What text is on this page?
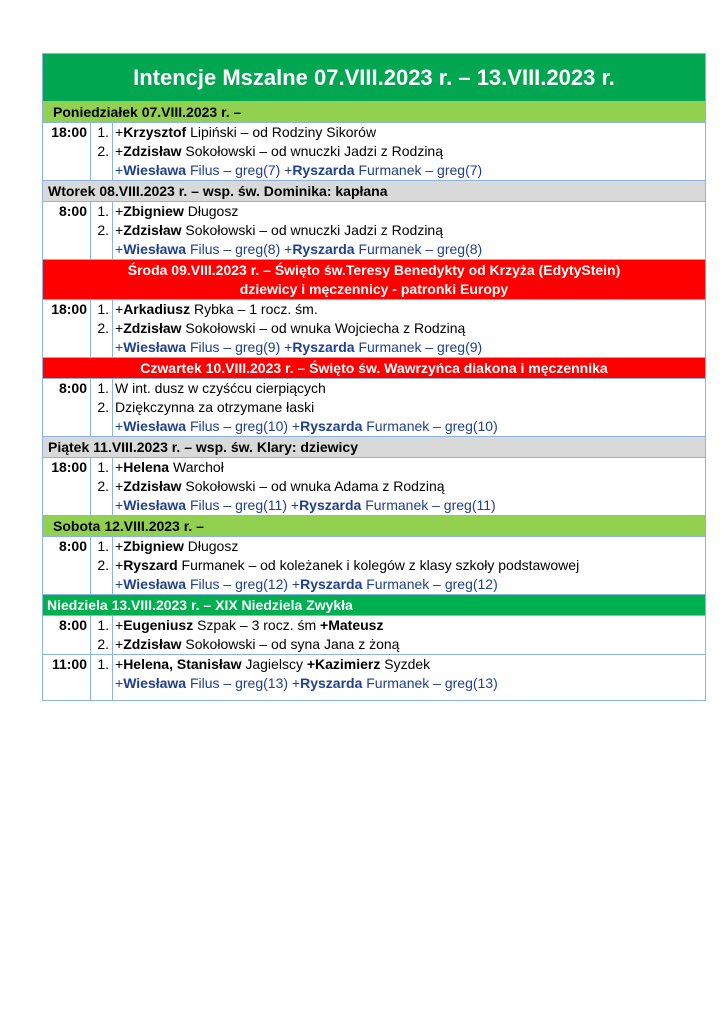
Intencje Mszalne 07.VIII.2023 r. – 13.VIII.2023 r.
Poniedziałek 07.VIII.2023 r. –
18:00 1.
2.
+Krzysztof Lipiński – od Rodziny Sikorów
+Zdzisław Sokołowski – od wnuczki Jadzi z Rodziną
+Wiesława Filus – greg(7) +Ryszarda Furmanek – greg(7)
Wtorek 08.VIII.2023 r. – wsp. św. Dominika: kapłana
8:00 1.
2.
+Zbigniew Długosz
+Zdzisław Sokołowski – od wnuczki Jadzi z Rodziną
+Wiesława Filus – greg(8) +Ryszarda Furmanek – greg(8)
Środa 09.VIII.2023 r. – Święto św.Teresy Benedykty od Krzyża (EdytyStein)
dziewicy i męczennicy - patronki Europy
18:00 1.
2.
+Arkadiusz Rybka – 1 rocz. śm.
+Zdzisław Sokołowski – od wnuka Wojciecha z Rodziną
+Wiesława Filus – greg(9) +Ryszarda Furmanek – greg(9)
Czwartek 10.VIII.2023 r. – Święto św. Wawrzyńca diakona i męczennika
8:00 1.
2.
W int. dusz w czyśćcu cierpiących
Dziękczynna za otrzymane łaski
+Wiesława Filus – greg(10) +Ryszarda Furmanek – greg(10)
Piątek 11.VIII.2023 r. – wsp. św. Klary: dziewicy
18:00 1.
2.
+Helena Warchoł
+Zdzisław Sokołowski – od wnuka Adama z Rodziną
+Wiesława Filus – greg(11) +Ryszarda Furmanek – greg(11)
Sobota 12.VIII.2023 r. –
8:00 1.
2.
+Zbigniew Długosz
+Ryszard Furmanek – od koleżanek i kolegów z klasy szkoły podstawowej
+Wiesława Filus – greg(12) +Ryszarda Furmanek – greg(12)
Niedziela 13.VIII.2023 r. – XIX Niedziela Zwykła
8:00 1.
2.
+Eugeniusz Szpak – 3 rocz. śm +Mateusz
+Zdzisław Sokołowski – od syna Jana z żoną
11:00 1. +Helena, Stanisław Jagielscy +Kazimierz Syzdek
+Wiesława Filus – greg(13) +Ryszarda Furmanek – greg(13)
